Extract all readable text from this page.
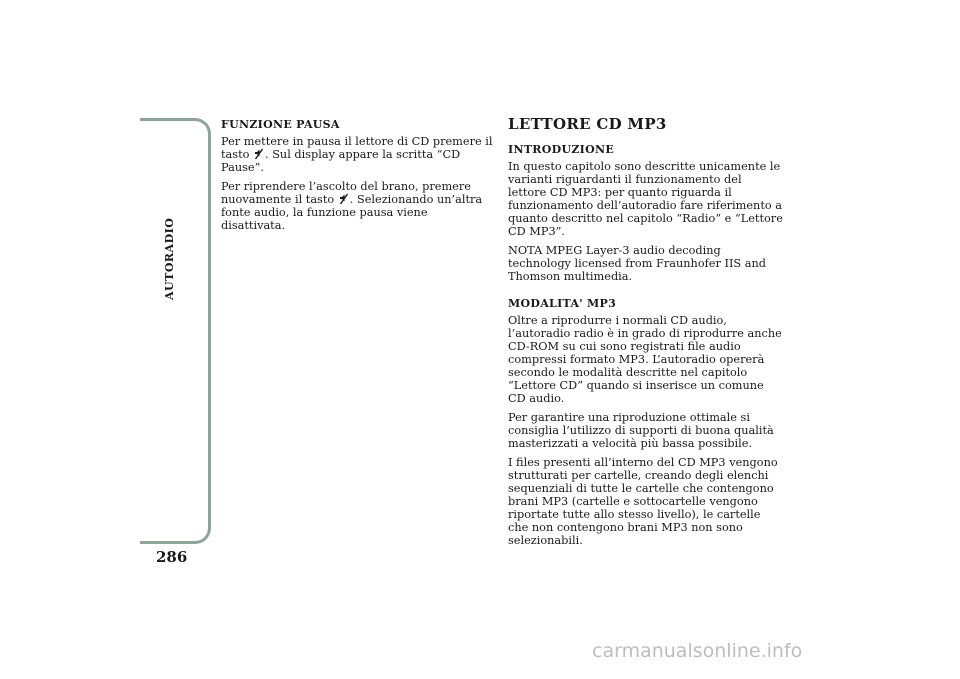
AUTORADIO
286
FUNZIONE PAUSA

Per mettere in pausa il lettore di CD premere il tasto . Sul display appare la scritta “CD Pause”.

Per riprendere l’ascolto del brano, premere nuovamente il tasto . Selezionando un’altra fonte audio, la funzione pausa viene disattivata.

LETTORE CD MP3
INTRODUZIONE

In questo capitolo sono descritte unicamente le varianti riguardanti il funzionamento del lettore CD MP3: per quanto riguarda il funzionamento dell’autoradio fare riferimento a quanto descritto nel capitolo “Radio” e “Lettore CD MP3”.

NOTA MPEG Layer-3 audio decoding technology licensed from Fraunhofer IIS and Thomson multimedia.

MODALITA' MP3

Oltre a riprodurre i normali CD audio, l’autoradio radio è in grado di riprodurre anche CD-ROM su cui sono registrati file audio compressi formato MP3. L’autoradio opererà secondo le modalità descritte nel capitolo “Lettore CD” quando si inserisce un comune CD audio.

Per garantire una riproduzione ottimale si consiglia l’utilizzo di supporti di buona qualità masterizzati a velocità più bassa possibile.

I files presenti all’interno del CD MP3 vengono strutturati per cartelle, creando degli elenchi sequenziali di tutte le cartelle che contengono brani MP3 (cartelle e sottocartelle vengono riportate tutte allo stesso livello), le cartelle che non contengono brani MP3 non sono selezionabili.

carmanualsonline.info
